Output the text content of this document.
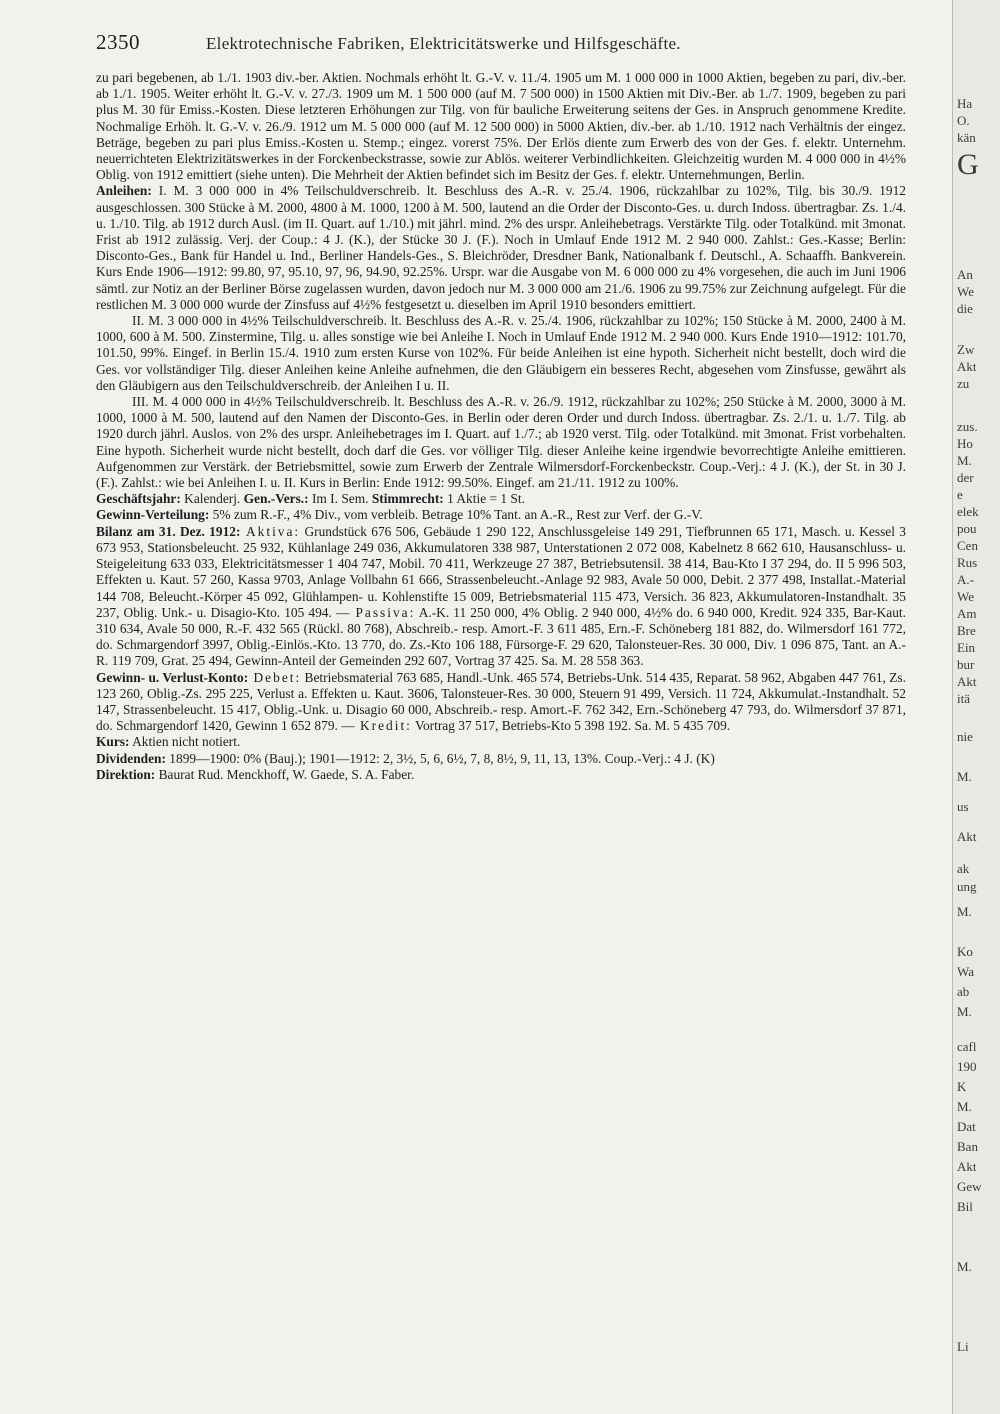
2350	Elektrotechnische Fabriken, Elektricitätswerke und Hilfsgeschäfte.

zu pari begebenen, ab 1./1. 1903 div.-ber. Aktien. Nochmals erhöht lt. G.-V. v. 11./4. 1905 um M. 1 000 000 in 1000 Aktien, begeben zu pari, div.-ber. ab 1./1. 1905. Weiter erhöht lt. G.-V. v. 27./3. 1909 um M. 1 500 000 (auf M. 7 500 000) in 1500 Aktien mit Div.-Ber. ab 1./7. 1909, begeben zu pari plus M. 30 für Emiss.-Kosten. Diese letzteren Erhöhungen zur Tilg. von für bauliche Erweiterung seitens der Ges. in Anspruch genommene Kredite. Nochmalige Erhöh. lt. G.-V. v. 26./9. 1912 um M. 5 000 000 (auf M. 12 500 000) in 5000 Aktien, div.-ber. ab 1./10. 1912 nach Verhältnis der eingez. Beträge, begeben zu pari plus Emiss.-Kosten u. Stemp.; eingez. vorerst 75%. Der Erlös diente zum Erwerb des von der Ges. f. elektr. Unternehm. neuerrichteten Elektrizitätswerkes in der Forckenbeckstrasse, sowie zur Ablös. weiterer Verbindlichkeiten. Gleichzeitig wurden M. 4 000 000 in 4½% Oblig. von 1912 emittiert (siehe unten). Die Mehrheit der Aktien befindet sich im Besitz der Ges. f. elektr. Unternehmungen, Berlin.

Anleihen: I. M. 3 000 000 in 4% Teilschuldverschreib. lt. Beschluss des A.-R. v. 25./4. 1906, rückzahlbar zu 102%, Tilg. bis 30./9. 1912 ausgeschlossen. 300 Stücke à M. 2000, 4800 à M. 1000, 1200 à M. 500, lautend an die Order der Disconto-Ges. u. durch Indoss. übertragbar. Zs. 1./4. u. 1./10. Tilg. ab 1912 durch Ausl. (im II. Quart. auf 1./10.) mit jährl. mind. 2% des urspr. Anleihebetrags. Verstärkte Tilg. oder Totalkünd. mit 3monat. Frist ab 1912 zulässig. Verj. der Coup.: 4 J. (K.), der Stücke 30 J. (F.). Noch in Umlauf Ende 1912 M. 2 940 000. Zahlst.: Ges.-Kasse; Berlin: Disconto-Ges., Bank für Handel u. Ind., Berliner Handels-Ges., S. Bleichröder, Dresdner Bank, Nationalbank f. Deutschl., A. Schaaffh. Bankverein. Kurs Ende 1906—1912: 99.80, 97, 95.10, 97, 96, 94.90, 92.25%. Urspr. war die Ausgabe von M. 6 000 000 zu 4% vorgesehen, die auch im Juni 1906 sämtl. zur Notiz an der Berliner Börse zugelassen wurden, davon jedoch nur M. 3 000 000 am 21./6. 1906 zu 99.75% zur Zeichnung aufgelegt. Für die restlichen M. 3 000 000 wurde der Zinsfuss auf 4½% festgesetzt u. dieselben im April 1910 besonders emittiert.

II. M. 3 000 000 in 4½% Teilschuldverschreib. lt. Beschluss des A.-R. v. 25./4. 1906, rückzahlbar zu 102%; 150 Stücke à M. 2000, 2400 à M. 1000, 600 à M. 500. Zinstermine, Tilg. u. alles sonstige wie bei Anleihe I. Noch in Umlauf Ende 1912 M. 2 940 000. Kurs Ende 1910—1912: 101.70, 101.50, 99%. Eingef. in Berlin 15./4. 1910 zum ersten Kurse von 102%. Für beide Anleihen ist eine hypoth. Sicherheit nicht bestellt, doch wird die Ges. vor vollständiger Tilg. dieser Anleihen keine Anleihe aufnehmen, die den Gläubigern ein besseres Recht, abgesehen vom Zinsfusse, gewährt als den Gläubigern aus den Teilschuldverschreib. der Anleihen I u. II.

III. M. 4 000 000 in 4½% Teilschuldverschreib. lt. Beschluss des A.-R. v. 26./9. 1912, rückzahlbar zu 102%; 250 Stücke à M. 2000, 3000 à M. 1000, 1000 à M. 500, lautend auf den Namen der Disconto-Ges. in Berlin oder deren Order und durch Indoss. übertragbar. Zs. 2./1. u. 1./7. Tilg. ab 1920 durch jährl. Auslos. von 2% des urspr. Anleihebetrages im I. Quart. auf 1./7.; ab 1920 verst. Tilg. oder Totalkünd. mit 3monat. Frist vorbehalten. Eine hypoth. Sicherheit wurde nicht bestellt, doch darf die Ges. vor völliger Tilg. dieser Anleihe keine irgendwie bevorrechtigte Anleihe emittieren. Aufgenommen zur Verstärk. der Betriebsmittel, sowie zum Erwerb der Zentrale Wilmersdorf-Forckenbeckstr. Coup.-Verj.: 4 J. (K.), der St. in 30 J. (F.). Zahlst.: wie bei Anleihen I. u. II. Kurs in Berlin: Ende 1912: 99.50%. Eingef. am 21./11. 1912 zu 100%.

Geschäftsjahr: Kalenderj. Gen.-Vers.: Im I. Sem. Stimmrecht: 1 Aktie = 1 St.

Gewinn-Verteilung: 5% zum R.-F., 4% Div., vom verbleib. Betrage 10% Tant. an A.-R., Rest zur Verf. der G.-V.

Bilanz am 31. Dez. 1912: Aktiva: Grundstück 676 506, Gebäude 1 290 122, Anschlussgeleise 149 291, Tiefbrunnen 65 171, Masch. u. Kessel 3 673 953, Stationsbeleucht. 25 932, Kühlanlage 249 036, Akkumulatoren 338 987, Unterstationen 2 072 008, Kabelnetz 8 662 610, Hausanschluss- u. Steigeleitung 633 033, Elektricitätsmesser 1 404 747, Mobil. 70 411, Werkzeuge 27 387, Betriebsutensil. 38 414, Bau-Kto I 37 294, do. II 5 996 503, Effekten u. Kaut. 57 260, Kassa 9703, Anlage Vollbahn 61 666, Strassenbeleucht.-Anlage 92 983, Avale 50 000, Debit. 2 377 498, Installat.-Material 144 708, Beleucht.-Körper 45 092, Glühlampen- u. Kohlenstifte 15 009, Betriebsmaterial 115 473, Versich. 36 823, Akkumulatoren-Instandhalt. 35 237, Oblig. Unk.- u. Disagio-Kto. 105 494. — Passiva: A.-K. 11 250 000, 4% Oblig. 2 940 000, 4½% do. 6 940 000, Kredit. 924 335, Bar-Kaut. 310 634, Avale 50 000, R.-F. 432 565 (Rückl. 80 768), Abschreib.- resp. Amort.-F. 3 611 485, Ern.-F. Schöneberg 181 882, do. Wilmersdorf 161 772, do. Schmargendorf 3997, Oblig.-Einlös.-Kto. 13 770, do. Zs.-Kto 106 188, Fürsorge-F. 29 620, Talonsteuer-Res. 30 000, Div. 1 096 875, Tant. an A.-R. 119 709, Grat. 25 494, Gewinn-Anteil der Gemeinden 292 607, Vortrag 37 425. Sa. M. 28 558 363.

Gewinn- u. Verlust-Konto: Debet: Betriebsmaterial 763 685, Handl.-Unk. 465 574, Betriebs-Unk. 514 435, Reparat. 58 962, Abgaben 447 761, Zs. 123 260, Oblig.-Zs. 295 225, Verlust a. Effekten u. Kaut. 3606, Talonsteuer-Res. 30 000, Steuern 91 499, Versich. 11 724, Akkumulat.-Instandhalt. 52 147, Strassenbeleucht. 15 417, Oblig.-Unk. u. Disagio 60 000, Abschreib.- resp. Amort.-F. 762 342, Ern.-Schöneberg 47 793, do. Wilmersdorf 37 871, do. Schmargendorf 1420, Gewinn 1 652 879. — Kredit: Vortrag 37 517, Betriebs-Kto 5 398 192. Sa. M. 5 435 709.

Kurs: Aktien nicht notiert.

Dividenden: 1899—1900: 0% (Bauj.); 1901—1912: 2, 3½, 5, 6, 6½, 7, 8, 8½, 9, 11, 13, 13%. Coup.-Verj.: 4 J. (K)

Direktion: Baurat Rud. Menckhoff, W. Gaede, S. A. Faber.

Ha
O.
kän
G
An
We
die
Zw
Akt
zu
zus.
Ho
M.
der
e
elek
pou
Cen
Rus
A.-
We
Am
Bre
Ein
bur
Akt
itä
nie
M.
us
Akt
ak
ung
M.
Ko
Wa
ab
M.
cafl
190
K
M.
Dat
Ban
Akt
Gew
Bil
M.
Li
